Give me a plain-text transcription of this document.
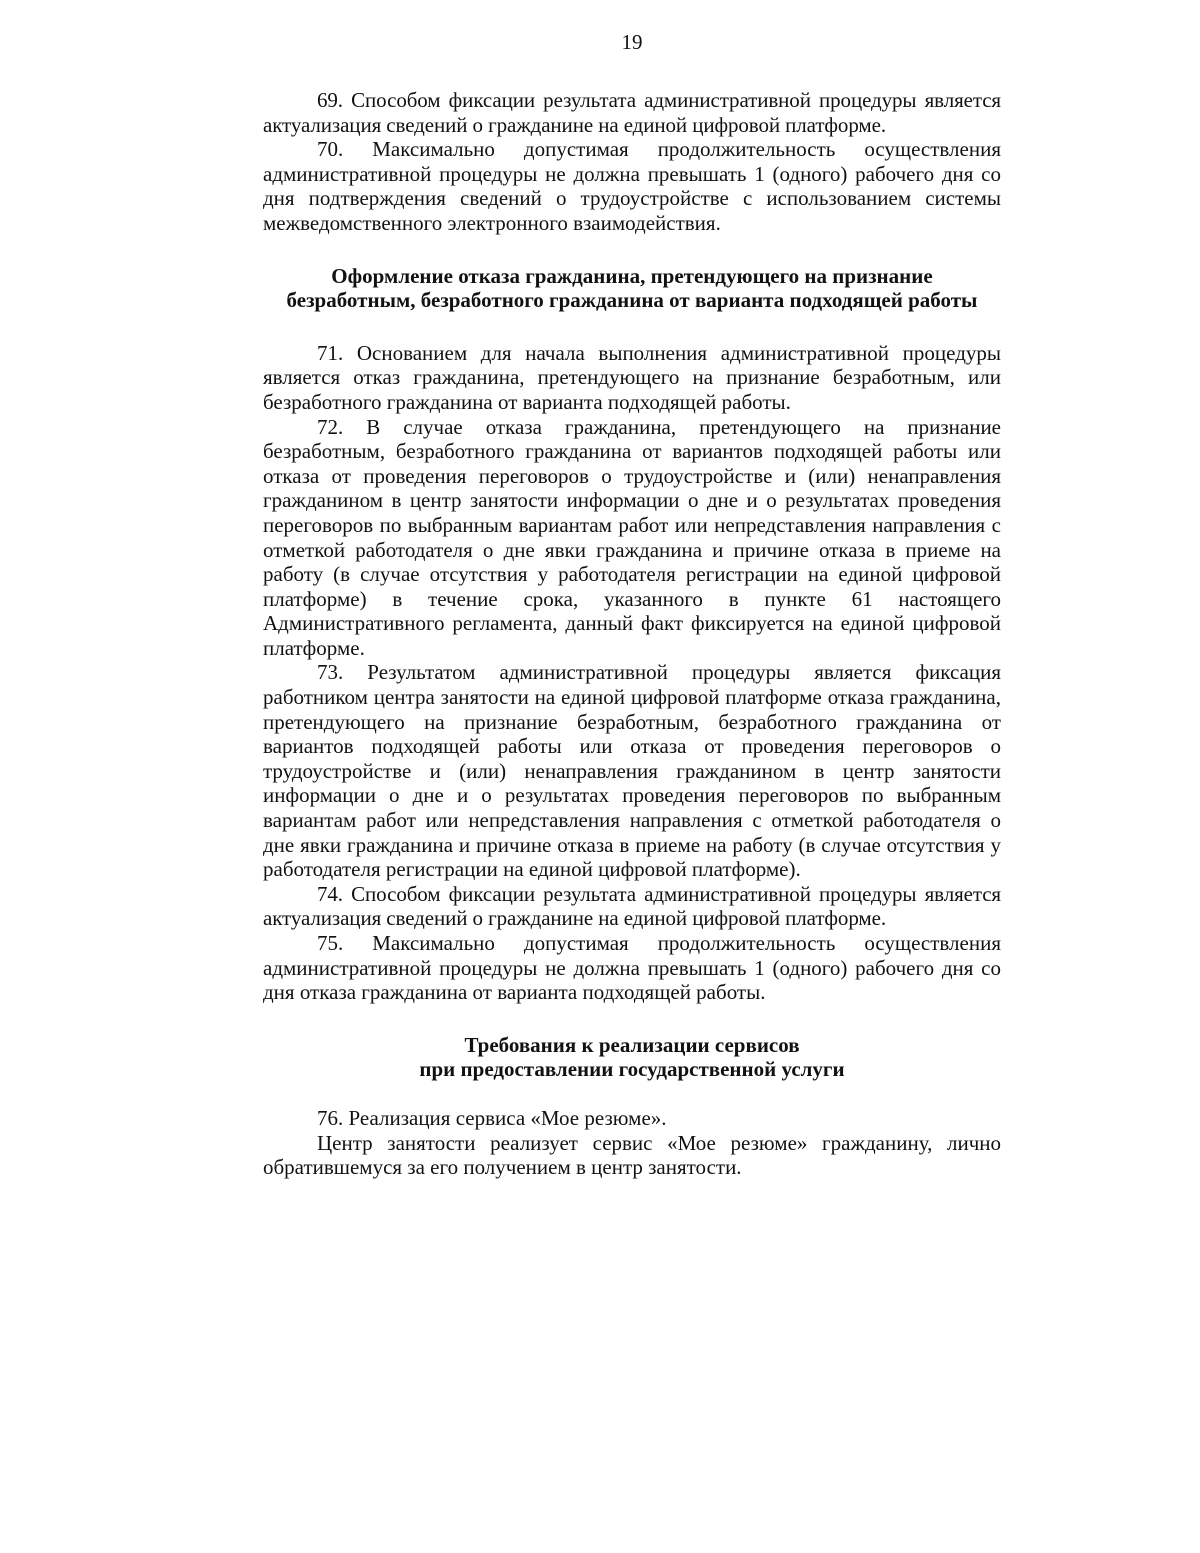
19

69. Способом фиксации результата административной процедуры является актуализация сведений о гражданине на единой цифровой платформе.

70. Максимально допустимая продолжительность осуществления административной процедуры не должна превышать 1 (одного) рабочего дня со дня подтверждения сведений о трудоустройстве с использованием системы межведомственного электронного взаимодействия.

Оформление отказа гражданина, претендующего на признание

безработным, безработного гражданина от варианта подходящей работы

71. Основанием для начала выполнения административной процедуры является отказ гражданина, претендующего на признание безработным, или безработного гражданина от варианта подходящей работы.

72. В случае отказа гражданина, претендующего на признание безработным, безработного гражданина от вариантов подходящей работы или отказа от проведения переговоров о трудоустройстве и (или) ненаправления гражданином в центр занятости информации о дне и о результатах проведения переговоров по выбранным вариантам работ или непредставления направления с отметкой работодателя о дне явки гражданина и причине отказа в приеме на работу (в случае отсутствия у работодателя регистрации на единой цифровой платформе) в течение срока, указанного в пункте 61 настоящего Административного регламента, данный факт фиксируется на единой цифровой платформе.

73. Результатом административной процедуры является фиксация работником центра занятости на единой цифровой платформе отказа гражданина, претендующего на признание безработным, безработного гражданина от вариантов подходящей работы или отказа от проведения переговоров о трудоустройстве и (или) ненаправления гражданином в центр занятости информации о дне и о результатах проведения переговоров по выбранным вариантам работ или непредставления направления с отметкой работодателя о дне явки гражданина и причине отказа в приеме на работу (в случае отсутствия у работодателя регистрации на единой цифровой платформе).

74. Способом фиксации результата административной процедуры является актуализация сведений о гражданине на единой цифровой платформе.

75. Максимально допустимая продолжительность осуществления административной процедуры не должна превышать 1 (одного) рабочего дня со дня отказа гражданина от варианта подходящей работы.

Требования к реализации сервисов

при предоставлении государственной услуги

76. Реализация сервиса «Мое резюме».

Центр занятости реализует сервис «Мое резюме» гражданину, лично обратившемуся за его получением в центр занятости.
